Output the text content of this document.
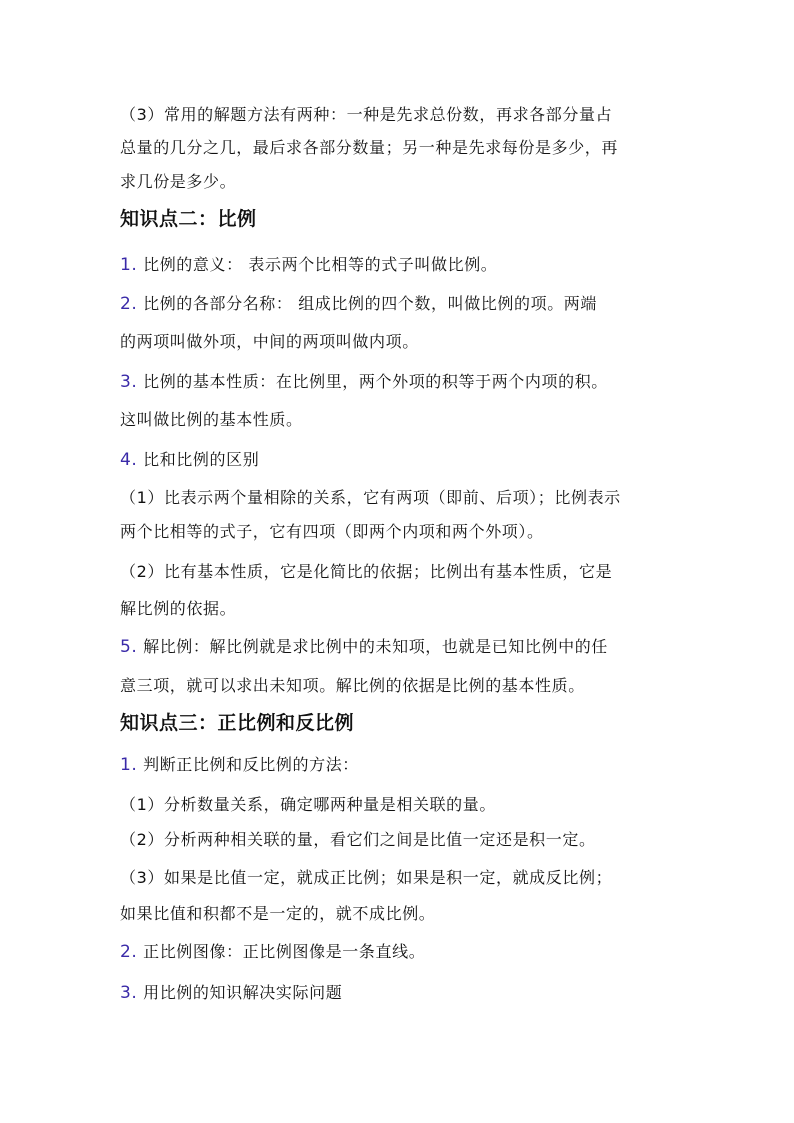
（3）常用的解题方法有两种：一种是先求总份数，再求各部分量占
总量的几分之几，最后求各部分数量；另一种是先求每份是多少，再
求几份是多少。
知识点二：比例
1. 比例的意义： 表示两个比相等的式子叫做比例。
2. 比例的各部分名称： 组成比例的四个数，叫做比例的项。两端
的两项叫做外项，中间的两项叫做内项。
3. 比例的基本性质：在比例里，两个外项的积等于两个内项的积。
这叫做比例的基本性质。
4. 比和比例的区别
（1）比表示两个量相除的关系，它有两项（即前、后项）；比例表示
两个比相等的式子，它有四项（即两个内项和两个外项）。
（2）比有基本性质，它是化简比的依据；比例出有基本性质，它是
解比例的依据。
5. 解比例：解比例就是求比例中的未知项，也就是已知比例中的任
意三项，就可以求出未知项。解比例的依据是比例的基本性质。
知识点三：正比例和反比例
1. 判断正比例和反比例的方法：
（1）分析数量关系，确定哪两种量是相关联的量。
（2）分析两种相关联的量，看它们之间是比值一定还是积一定。
（3）如果是比值一定，就成正比例；如果是积一定，就成反比例；
如果比值和积都不是一定的，就不成比例。
2. 正比例图像：正比例图像是一条直线。
3. 用比例的知识解决实际问题
